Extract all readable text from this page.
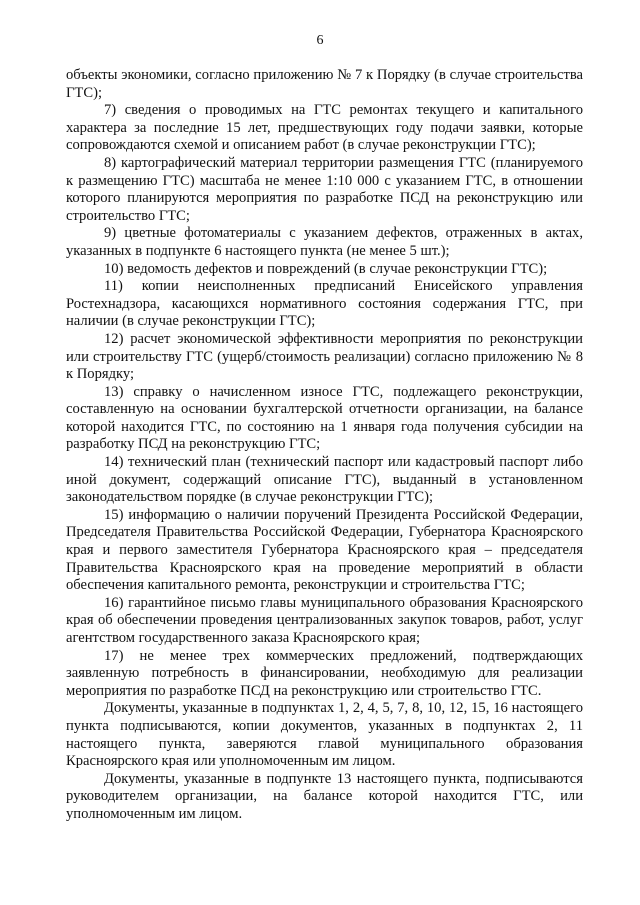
6

объекты экономики, согласно приложению № 7 к Порядку (в случае строительства ГТС);

7) сведения о проводимых на ГТС ремонтах текущего и капитального характера за последние 15 лет, предшествующих году подачи заявки, которые сопровождаются схемой и описанием работ (в случае реконструкции ГТС);

8) картографический материал территории размещения ГТС (планируемого к размещению ГТС) масштаба не менее 1:10 000 с указанием ГТС, в отношении которого планируются мероприятия по разработке ПСД на реконструкцию или строительство ГТС;

9) цветные фотоматериалы с указанием дефектов, отраженных в актах, указанных в подпункте 6 настоящего пункта (не менее 5 шт.);

10) ведомость дефектов и повреждений (в случае реконструкции ГТС);

11) копии неисполненных предписаний Енисейского управления Ростехнадзора, касающихся нормативного состояния содержания ГТС, при наличии (в случае реконструкции ГТС);

12) расчет экономической эффективности мероприятия по реконструкции или строительству ГТС (ущерб/стоимость реализации) согласно приложению № 8 к Порядку;

13) справку о начисленном износе ГТС, подлежащего реконструкции, составленную на основании бухгалтерской отчетности организации, на балансе которой находится ГТС, по состоянию на 1 января года получения субсидии на разработку ПСД на реконструкцию ГТС;

14) технический план (технический паспорт или кадастровый паспорт либо иной документ, содержащий описание ГТС), выданный в установленном законодательством порядке (в случае реконструкции ГТС);

15) информацию о наличии поручений Президента Российской Федерации, Председателя Правительства Российской Федерации, Губернатора Красноярского края и первого заместителя Губернатора Красноярского края – председателя Правительства Красноярского края на проведение мероприятий в области обеспечения капитального ремонта, реконструкции и строительства ГТС;

16) гарантийное письмо главы муниципального образования Красноярского края об обеспечении проведения централизованных закупок товаров, работ, услуг агентством государственного заказа Красноярского края;

17) не менее трех коммерческих предложений, подтверждающих заявленную потребность в финансировании, необходимую для реализации мероприятия по разработке ПСД на реконструкцию или строительство ГТС.

Документы, указанные в подпунктах 1, 2, 4, 5, 7, 8, 10, 12, 15, 16 настоящего пункта подписываются, копии документов, указанных в подпунктах 2, 11 настоящего пункта, заверяются главой муниципального образования Красноярского края или уполномоченным им лицом.

Документы, указанные в подпункте 13 настоящего пункта, подписываются руководителем организации, на балансе которой находится ГТС, или уполномоченным им лицом.
